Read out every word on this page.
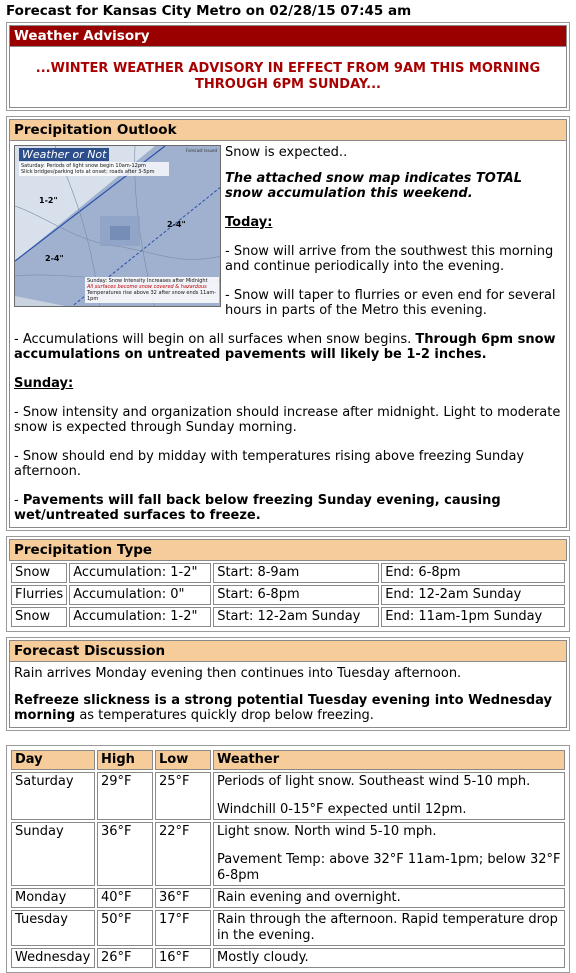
Forecast for Kansas City Metro on 02/28/15 07:45 am
Weather Advisory
...WINTER WEATHER ADVISORY IN EFFECT FROM 9AM THIS MORNING THROUGH 6PM SUNDAY...
Precipitation Outlook
Weather or Not	Forecast Issued
Saturday: Periods of light snow begin 10am-12pm
Slick bridges/parking lots at onset; roads after 3-5pm
1-2"
2-4"
2-4"
Sunday: Snow Intensity Increases after Midnight
All surfaces become snow covered & hazardous
Temperatures rise above 32 after snow ends 11am-1pm

Snow is expected..

The attached snow map indicates TOTAL snow accumulation this weekend.

Today:

- Snow will arrive from the southwest this morning and continue periodically into the evening.

- Snow will taper to flurries or even end for several hours in parts of the Metro this evening.

- Accumulations will begin on all surfaces when snow begins. Through 6pm snow accumulations on untreated pavements will likely be 1-2 inches.

Sunday:

- Snow intensity and organization should increase after midnight. Light to moderate snow is expected through Sunday morning.

- Snow should end by midday with temperatures rising above freezing Sunday afternoon.

- Pavements will fall back below freezing Sunday evening, causing wet/untreated surfaces to freeze.

Precipitation Type
Snow	Accumulation: 1-2"	Start: 8-9am	End: 6-8pm
Flurries	Accumulation: 0"	Start: 6-8pm	End: 12-2am Sunday
Snow	Accumulation: 1-2"	Start: 12-2am Sunday	End: 11am-1pm Sunday
Forecast Discussion

Rain arrives Monday evening then continues into Tuesday afternoon.

Refreeze slickness is a strong potential Tuesday evening into Wednesday morning as temperatures quickly drop below freezing.

Day	High	Low	Weather
Saturday	29°F	25°F	Periods of light snow. Southeast wind 5-10 mph.

Windchill 0-15°F expected until 12pm.

Sunday	36°F	22°F	Light snow. North wind 5-10 mph.

Pavement Temp: above 32°F 11am-1pm; below 32°F 6-8pm

Monday	40°F	36°F	Rain evening and overnight.
Tuesday	50°F	17°F	Rain through the afternoon. Rapid temperature drop in the evening.
Wednesday	26°F	16°F	Mostly cloudy.
